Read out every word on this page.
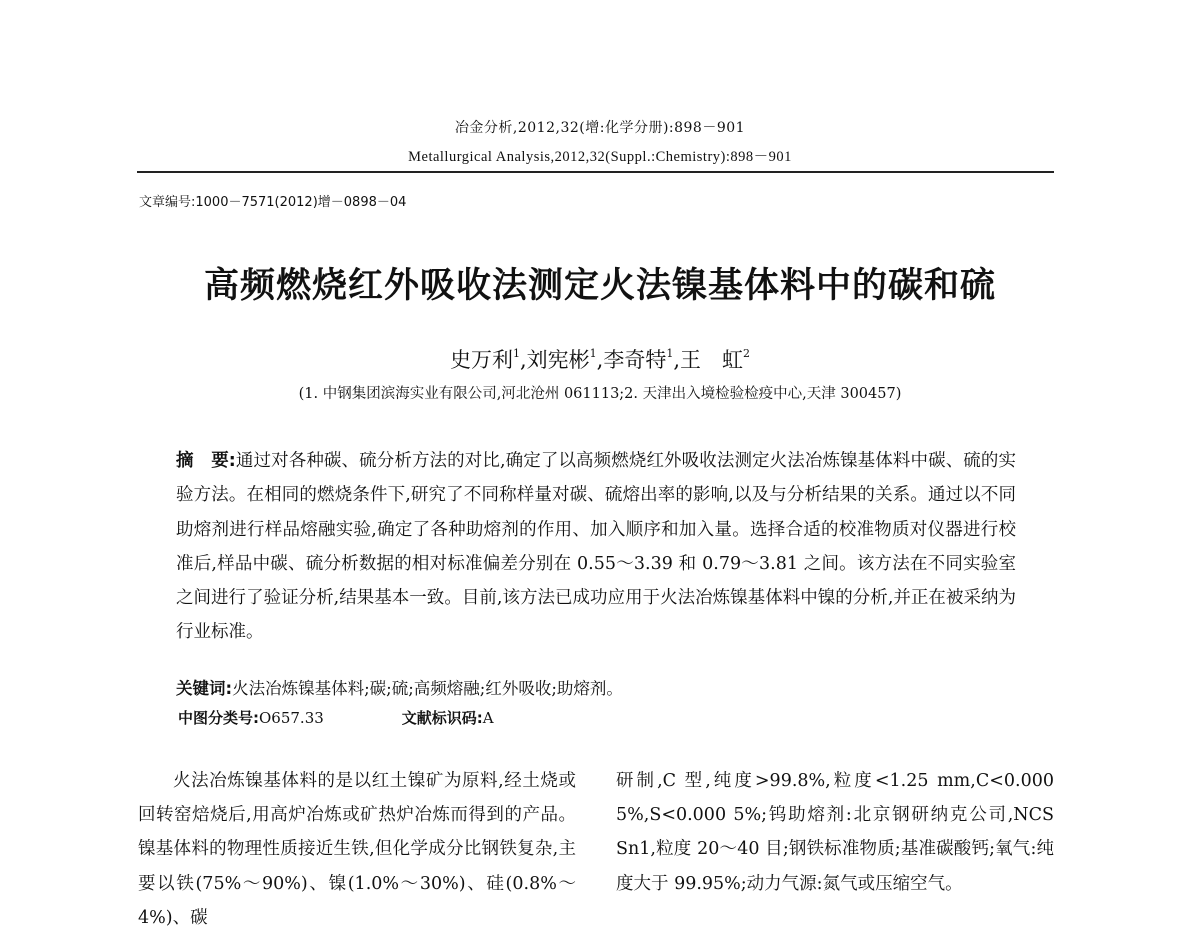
冶金分析,2012,32(增:化学分册):898－901
Metallurgical Analysis,2012,32(Suppl.:Chemistry):898－901
文章编号:1000－7571(2012)增－0898－04
高频燃烧红外吸收法测定火法镍基体料中的碳和硫
史万利$^1$,刘宪彬$^1$,李奇特$^1$,王　虹$^2$
(1. 中钢集团滨海实业有限公司,河北沧州 061113;2. 天津出入境检验检疫中心,天津 300457)
摘　要:通过对各种碳、硫分析方法的对比,确定了以高频燃烧红外吸收法测定火法冶炼镍基体料中碳、硫的实验方法。在相同的燃烧条件下,研究了不同称样量对碳、硫熔出率的影响,以及与分析结果的关系。通过以不同助熔剂进行样品熔融实验,确定了各种助熔剂的作用、加入顺序和加入量。选择合适的校准物质对仪器进行校准后,样品中碳、硫分析数据的相对标准偏差分别在 0.55～3.39 和 0.79～3.81 之间。该方法在不同实验室之间进行了验证分析,结果基本一致。目前,该方法已成功应用于火法冶炼镍基体料中镍的分析,并正在被采纳为行业标准。
关键词:火法冶炼镍基体料;碳;硫;高频熔融;红外吸收;助熔剂。
中图分类号:O657.33	文献标识码:A
火法冶炼镍基体料的是以红土镍矿为原料,经土烧或回转窑焙烧后,用高炉冶炼或矿热炉冶炼而得到的产品。镍基体料的物理性质接近生铁,但化学成分比钢铁复杂,主要以铁(75%～90%)、镍(1.0%～30%)、硅(0.8%～4%)、碳
研制,C 型,纯度>99.8%,粒度<1.25 mm,C<0.000 5%,S<0.000 5%;钨助熔剂:北京钢研纳克公司,NCS Sn1,粒度 20～40 目;钢铁标准物质;基准碳酸钙;氧气:纯度大于 99.95%;动力气源:氮气或压缩空气。
